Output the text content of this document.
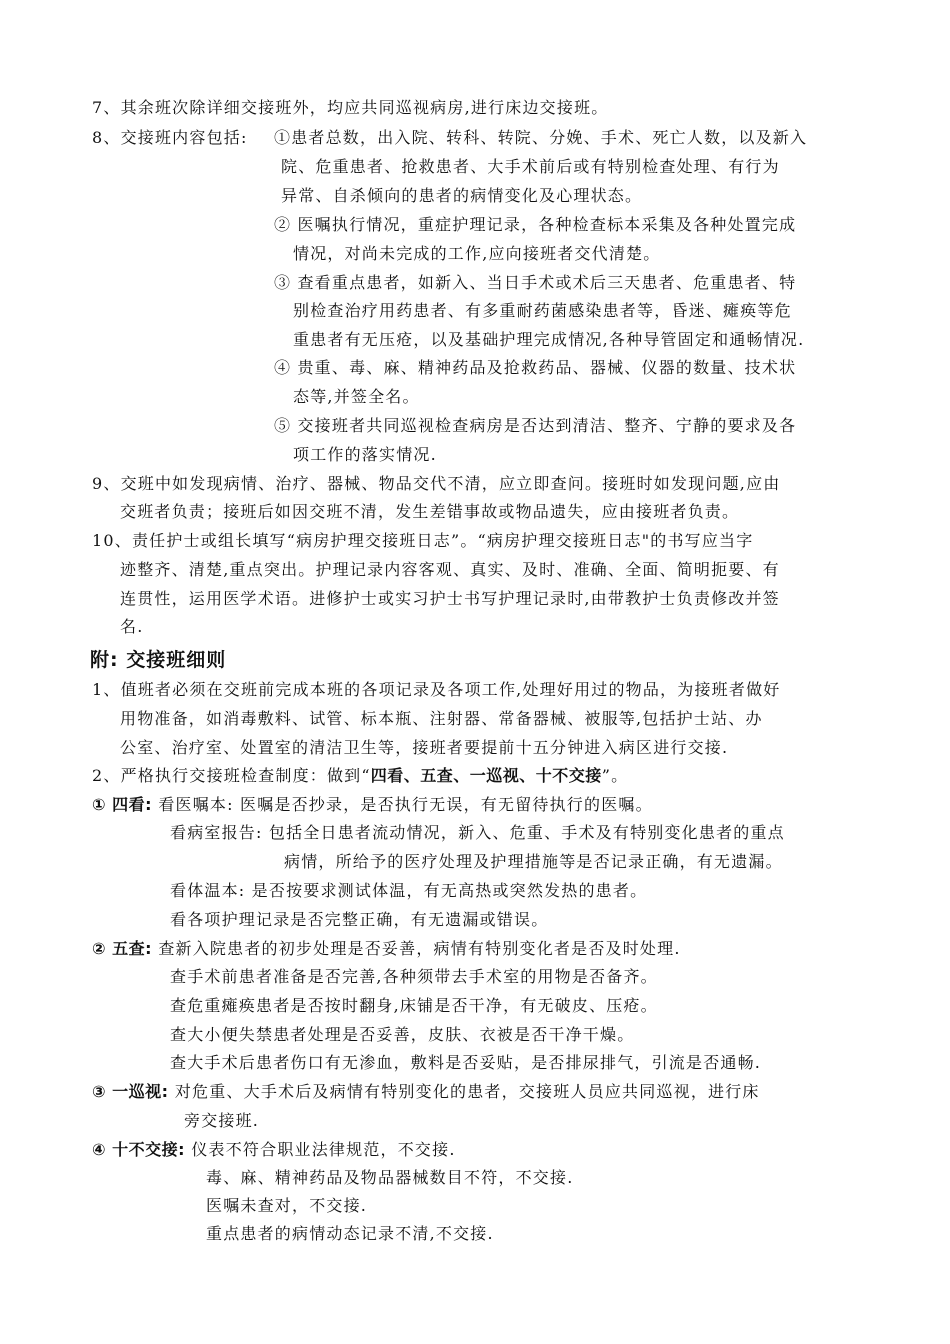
7、其余班次除详细交接班外，均应共同巡视病房,进行床边交接班。
8、交接班内容包括: ①患者总数，出入院、转科、转院、分娩、手术、死亡人数，以及新入
院、危重患者、抢救患者、大手术前后或有特别检查处理、有行为
异常、自杀倾向的患者的病情变化及心理状态。
② 医嘱执行情况，重症护理记录，各种检查标本采集及各种处置完成
情况，对尚未完成的工作,应向接班者交代清楚。
③ 查看重点患者，如新入、当日手术或术后三天患者、危重患者、特
别检查治疗用药患者、有多重耐药菌感染患者等，昏迷、瘫痪等危
重患者有无压疮，以及基础护理完成情况,各种导管固定和通畅情况.
④ 贵重、毒、麻、精神药品及抢救药品、器械、仪器的数量、技术状
态等,并签全名。
⑤ 交接班者共同巡视检查病房是否达到清洁、整齐、宁静的要求及各
项工作的落实情况.
9、交班中如发现病情、治疗、器械、物品交代不清，应立即查问。接班时如发现问题,应由
交班者负责；接班后如因交班不清，发生差错事故或物品遗失，应由接班者负责。
10、责任护士或组长填写“病房护理交接班日志”。“病房护理交接班日志"的书写应当字
迹整齐、清楚,重点突出。护理记录内容客观、真实、及时、准确、全面、简明扼要、有
连贯性，运用医学术语。进修护士或实习护士书写护理记录时,由带教护士负责修改并签
名.
附: 交接班细则
1、值班者必须在交班前完成本班的各项记录及各项工作,处理好用过的物品，为接班者做好
用物准备，如消毒敷料、试管、标本瓶、注射器、常备器械、被服等,包括护士站、办
公室、治疗室、处置室的清洁卫生等，接班者要提前十五分钟进入病区进行交接.
2、严格执行交接班检查制度：做到“四看、五查、一巡视、十不交接”。
① 四看: 看医嘱本: 医嘱是否抄录，是否执行无误，有无留待执行的医嘱。
看病室报告: 包括全日患者流动情况，新入、危重、手术及有特别变化患者的重点
病情，所给予的医疗处理及护理措施等是否记录正确，有无遗漏。
看体温本: 是否按要求测试体温，有无高热或突然发热的患者。
看各项护理记录是否完整正确，有无遗漏或错误。
② 五查: 查新入院患者的初步处理是否妥善，病情有特别变化者是否及时处理.
查手术前患者准备是否完善,各种须带去手术室的用物是否备齐。
查危重瘫痪患者是否按时翻身,床铺是否干净，有无破皮、压疮。
查大小便失禁患者处理是否妥善，皮肤、衣被是否干净干燥。
查大手术后患者伤口有无渗血，敷料是否妥贴，是否排尿排气，引流是否通畅.
③ 一巡视: 对危重、大手术后及病情有特别变化的患者，交接班人员应共同巡视，进行床
旁交接班.
④ 十不交接: 仪表不符合职业法律规范，不交接.
毒、麻、精神药品及物品器械数目不符，不交接.
医嘱未查对，不交接.
重点患者的病情动态记录不清,不交接.
